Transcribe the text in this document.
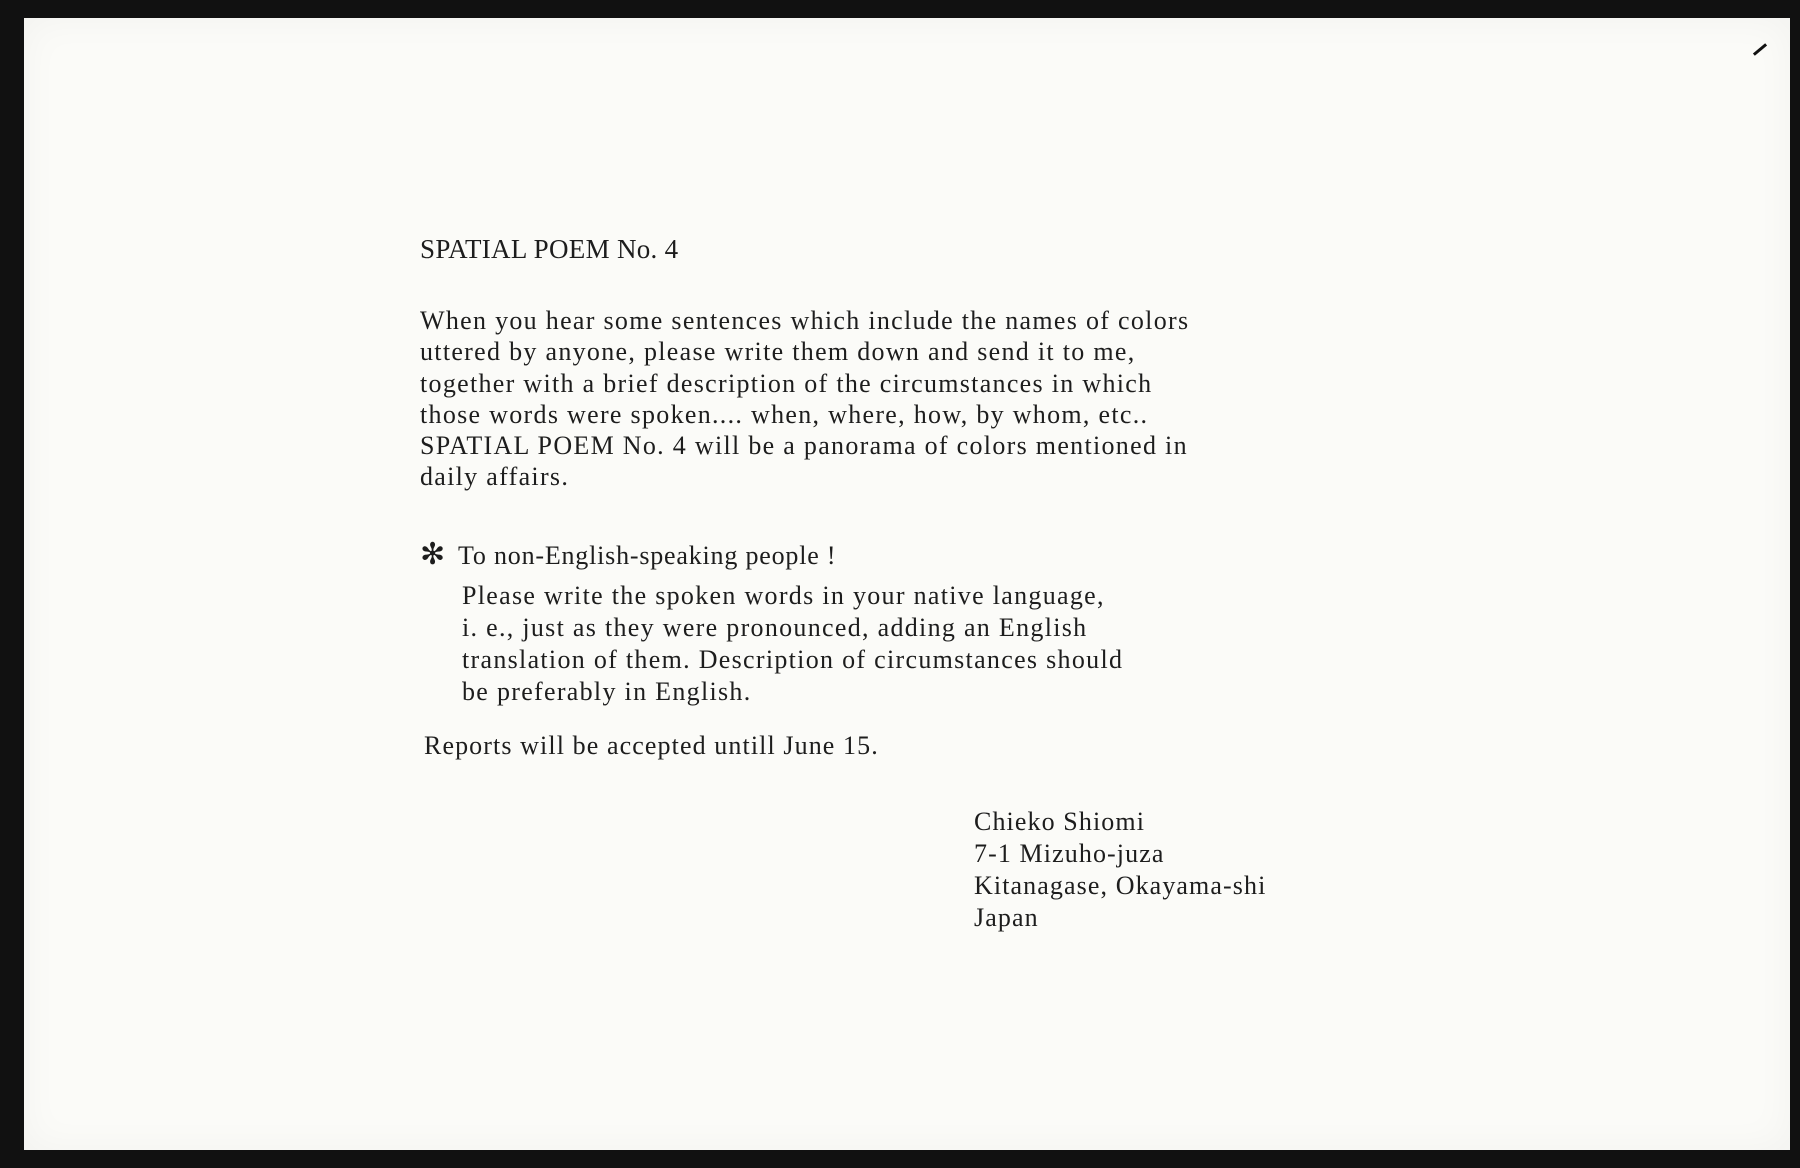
SPATIAL POEM No. 4
When you hear some sentences which include the names of colors
uttered by anyone, please write them down and send it to me,
together with a brief description of the circumstances in which
those words were spoken.... when, where, how, by whom, etc..
SPATIAL POEM No. 4 will be a panorama of colors mentioned in
daily affairs.
✻ To non-English-speaking people !
Please write the spoken words in your native language,
i. e., just as they were pronounced, adding an English
translation of them. Description of circumstances should
be preferably in English.
Reports will be accepted untill June 15.
Chieko Shiomi
7-1 Mizuho-juza
Kitanagase, Okayama-shi
Japan
